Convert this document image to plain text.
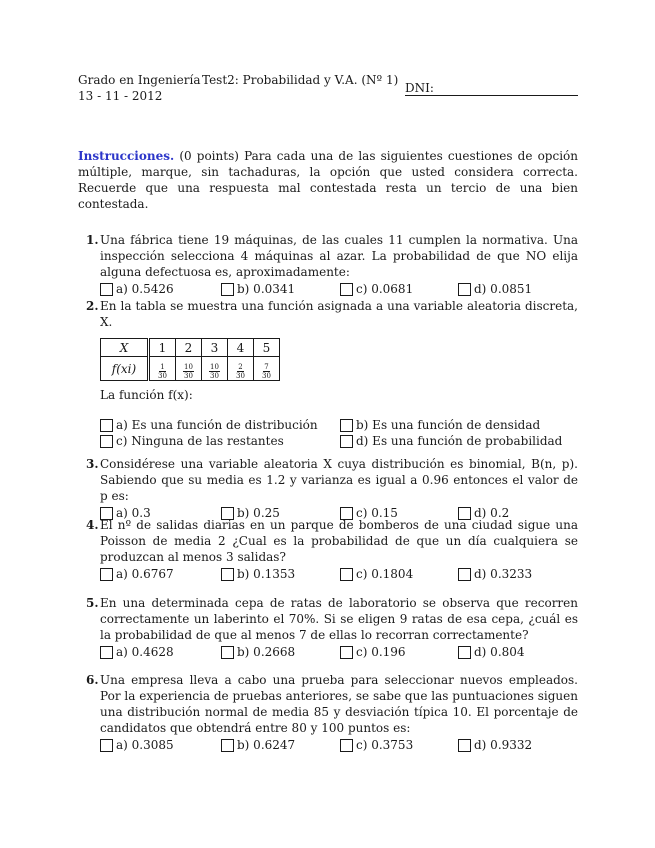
Grado en Ingeniería
13 - 11 - 2012
Test2: Probabilidad y V.A. (Nº 1)
DNI:
Instrucciones. (0 points) Para cada una de las siguientes cuestiones de opción múltiple, marque, sin tachaduras, la opción que usted considera correcta. Recuerde que una respuesta mal contestada resta un tercio de una bien contestada.
1. Una fábrica tiene 19 máquinas, de las cuales 11 cumplen la normativa. Una inspección selecciona 4 máquinas al azar. La probabilidad de que NO elija alguna defectuosa es, aproximadamente:
a) 0.5426	b) 0.0341	c) 0.0681	d) 0.0851
2. En la tabla se muestra una función asignada a una variable aleatoria discreta, X.
X	1	2	3	4	5
f(xi)	$\frac{1}{30}$	$\frac{10}{30}$	$\frac{10}{30}$	$\frac{2}{30}$	$\frac{7}{30}$
La función f(x):
a) Es una función de distribución	b) Es una función de densidad
c) Ninguna de las restantes	d) Es una función de probabilidad
3. Considérese una variable aleatoria X cuya distribución es binomial, B(n, p). Sabiendo que su media es 1.2 y varianza es igual a 0.96 entonces el valor de p es:
a) 0.3	b) 0.25	c) 0.15	d) 0.2
4. El nº de salidas diarias en un parque de bomberos de una ciudad sigue una Poisson de media 2 ¿Cual es la probabilidad de que un día cualquiera se produzcan al menos 3 salidas?
a) 0.6767	b) 0.1353	c) 0.1804	d) 0.3233
5. En una determinada cepa de ratas de laboratorio se observa que recorren correctamente un laberinto el 70%. Si se eligen 9 ratas de esa cepa, ¿cuál es la probabilidad de que al menos 7 de ellas lo recorran correctamente?
a) 0.4628	b) 0.2668	c) 0.196	d) 0.804
6. Una empresa lleva a cabo una prueba para seleccionar nuevos empleados. Por la experiencia de pruebas anteriores, se sabe que las puntuaciones siguen una distribución normal de media 85 y desviación típica 10. El porcentaje de candidatos que obtendrá entre 80 y 100 puntos es:
a) 0.3085	b) 0.6247	c) 0.3753	d) 0.9332
